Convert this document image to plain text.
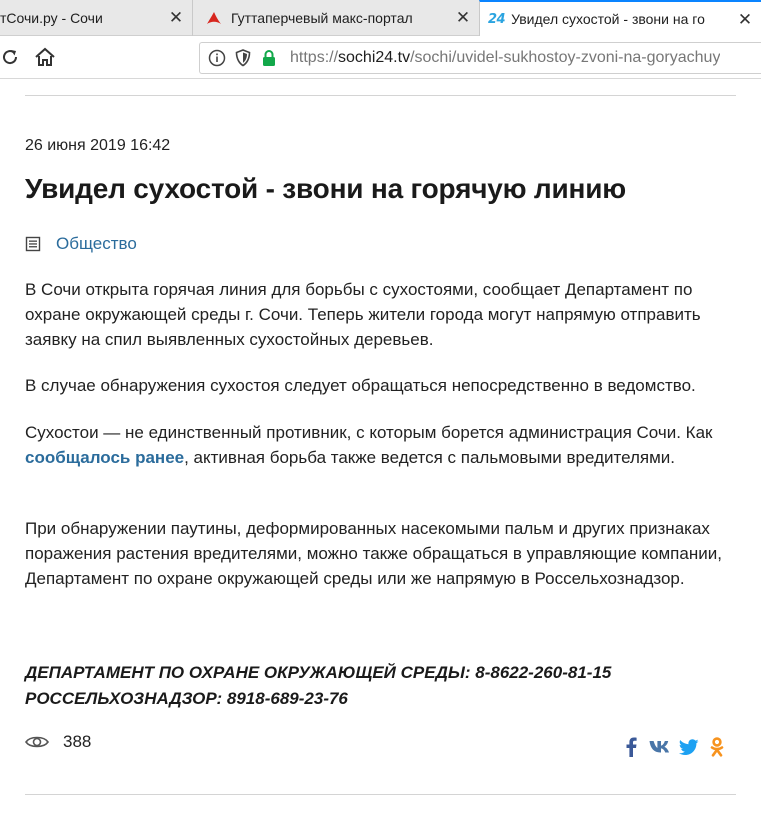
тСочи.ру - Сочи	✕	Гуттаперчевый макс-портал	✕ 24 Увидел сухостой - звони на го	✕
https://sochi24.tv/sochi/uvidel-sukhostoy-zvoni-na-goryachuy
26 июня 2019 16:42
Увидел сухостой - звони на горячую линию
Общество

В Сочи открыта горячая линия для борьбы с сухостоями, сообщает Департамент по охране окружающей среды г. Сочи. Теперь жители города могут напрямую отправить заявку на спил выявленных сухостойных деревьев.

В случае обнаружения сухостоя следует обращаться непосредственно в ведомство.

Сухостои — не единственный противник, с которым борется администрация Сочи. Как сообщалось ранее, активная борьба также ведется с пальмовыми вредителями.

При обнаружении паутины, деформированных насекомыми пальм и других признаках поражения растения вредителями, можно также обращаться в управляющие компании, Департамент по охране окружающей среды или же напрямую в Россельхознадзор.

ДЕПАРТАМЕНТ ПО ОХРАНЕ ОКРУЖАЮЩЕЙ СРЕДЫ: 8-8622-260-81-15
РОССЕЛЬХОЗНАДЗОР: 8918-689-23-76
388
